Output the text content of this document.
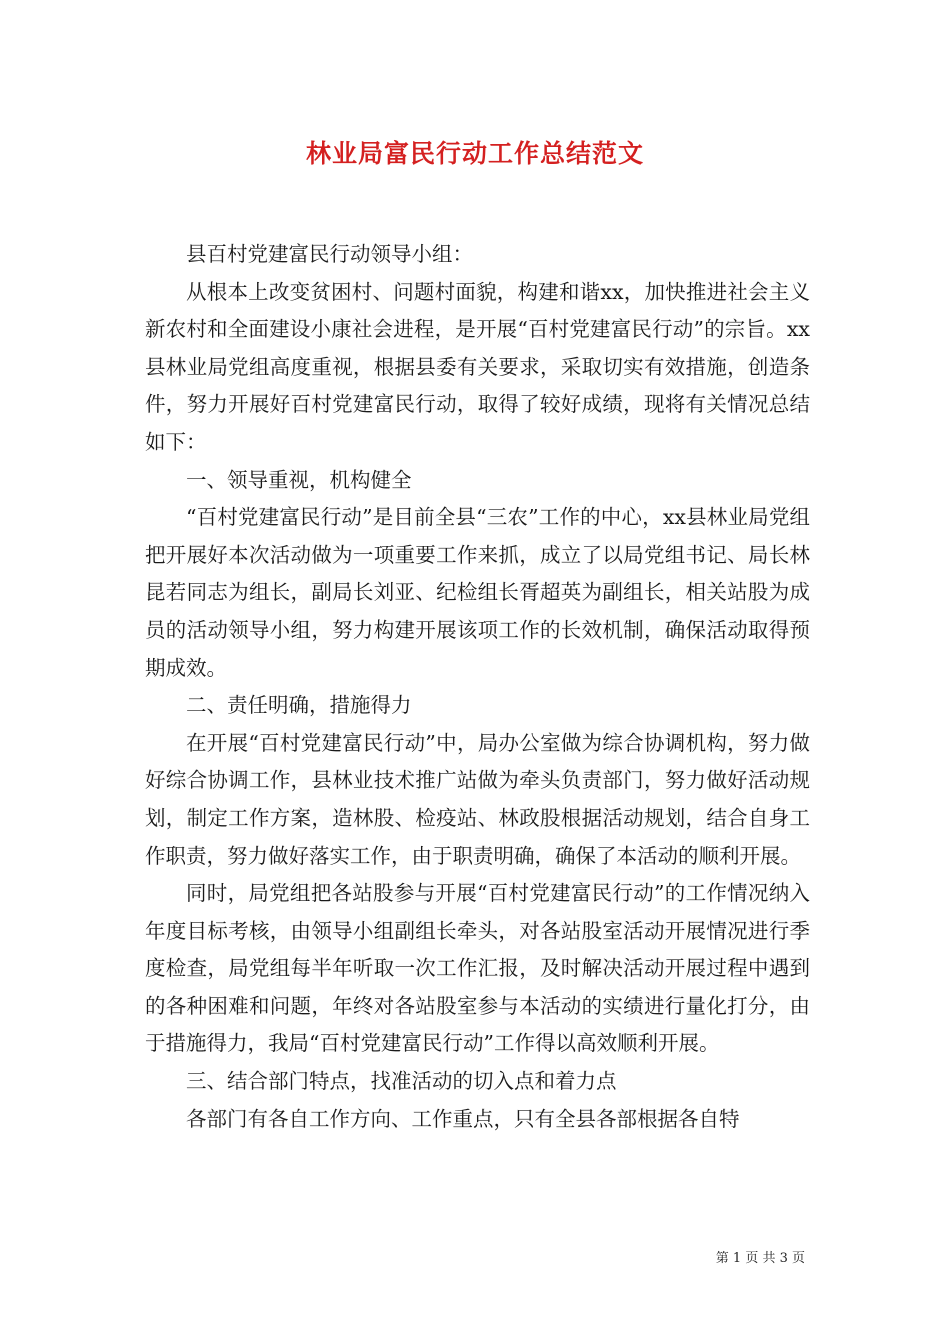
林业局富民行动工作总结范文

县百村党建富民行动领导小组：

从根本上改变贫困村、问题村面貌，构建和谐xx，加快推进社会主义新农村和全面建设小康社会进程，是开展“百村党建富民行动”的宗旨。xx县林业局党组高度重视，根据县委有关要求，采取切实有效措施，创造条件，努力开展好百村党建富民行动，取得了较好成绩，现将有关情况总结如下：

一、领导重视，机构健全

“百村党建富民行动”是目前全县“三农”工作的中心，xx县林业局党组把开展好本次活动做为一项重要工作来抓，成立了以局党组书记、局长林昆若同志为组长，副局长刘亚、纪检组长胥超英为副组长，相关站股为成员的活动领导小组，努力构建开展该项工作的长效机制，确保活动取得预期成效。

二、责任明确，措施得力

在开展“百村党建富民行动”中，局办公室做为综合协调机构，努力做好综合协调工作，县林业技术推广站做为牵头负责部门，努力做好活动规划，制定工作方案，造林股、检疫站、林政股根据活动规划，结合自身工作职责，努力做好落实工作，由于职责明确，确保了本活动的顺利开展。

同时，局党组把各站股参与开展“百村党建富民行动”的工作情况纳入年度目标考核，由领导小组副组长牵头，对各站股室活动开展情况进行季度检查，局党组每半年听取一次工作汇报，及时解决活动开展过程中遇到的各种困难和问题，年终对各站股室参与本活动的实绩进行量化打分，由于措施得力，我局“百村党建富民行动”工作得以高效顺利开展。

三、结合部门特点，找准活动的切入点和着力点

各部门有各自工作方向、工作重点，只有全县各部根据各自特

第 1 页 共 3 页
